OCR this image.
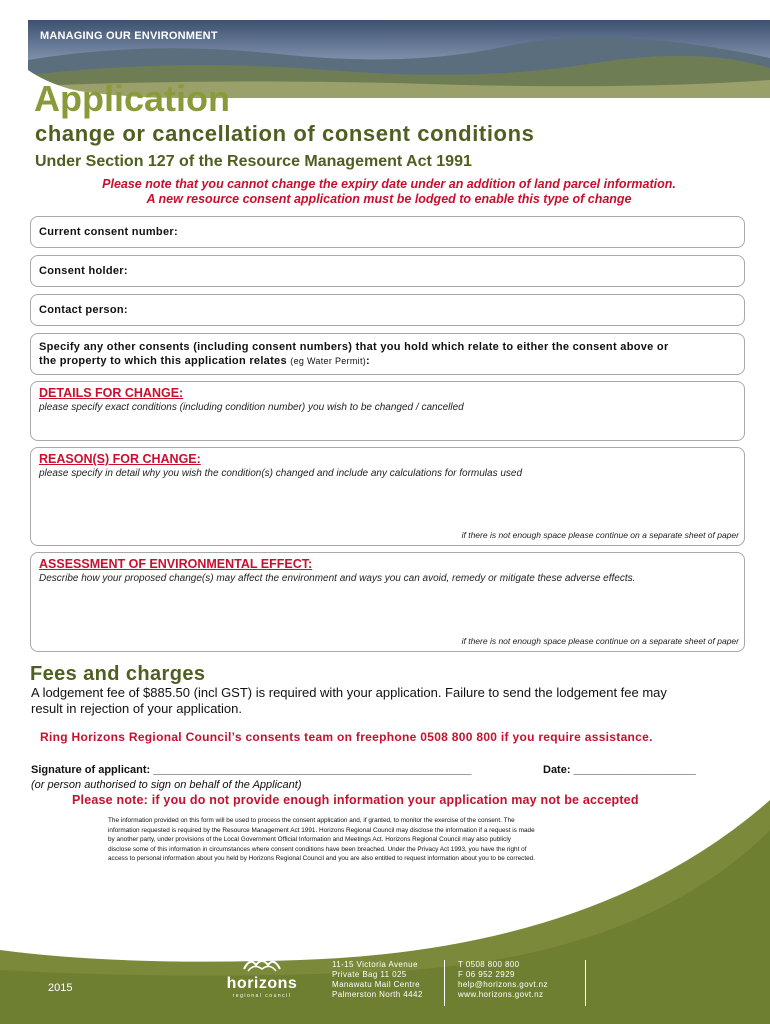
MANAGING OUR ENVIRONMENT
Application
change or cancellation of consent conditions
Under Section 127 of the Resource Management Act 1991
Please note that you cannot change the expiry date under an addition of land parcel information.
A new resource consent application must be lodged to enable this type of change
Current consent number:
Consent holder:
Contact person:
Specify any other consents (including consent numbers) that you hold which relate to either the consent above or
the property to which this application relates (eg Water Permit):
DETAILS FOR CHANGE:
please specify exact conditions (including condition number) you wish to be changed / cancelled
REASON(S) FOR CHANGE:
please specify in detail why you wish the condition(s) changed and include any calculations for formulas used
if there is not enough space please continue on a separate sheet of paper
ASSESSMENT OF ENVIRONMENTAL EFFECT:
Describe how your proposed change(s) may affect the environment and ways you can avoid, remedy or mitigate these adverse effects.
if there is not enough space please continue on a separate sheet of paper
Fees and charges
A lodgement fee of $885.50 (incl GST) is required with your application. Failure to send the lodgement fee may
result in rejection of your application.
Ring Horizons Regional Council’s consents team on freephone 0508 800 800 if you require assistance.
Signature of applicant: ____________________________________________________	Date: ____________________
(or person authorised to sign on behalf of the Applicant)
Please note: if you do not provide enough information your application may not be accepted
The information provided on this form will be used to process the consent application and, if granted, to monitor the exercise of the consent. The
information requested is required by the Resource Management Act 1991. Horizons Regional Council may disclose the information if a request is made
by another party, under provisions of the Local Government Official Information and Meetings Act. Horizons Regional Council may also publicly
disclose some of this information in circumstances where consent conditions have been breached. Under the Privacy Act 1993, you have the right of
access to personal information about you held by Horizons Regional Council and you are also entitled to request information about you to be corrected.
2015	horizons
regional council
11-15 Victoria Avenue
Private Bag 11 025
Manawatu Mail Centre
Palmerston North 4442
T 0508 800 800
F 06 952 2929
help@horizons.govt.nz
www.horizons.govt.nz
